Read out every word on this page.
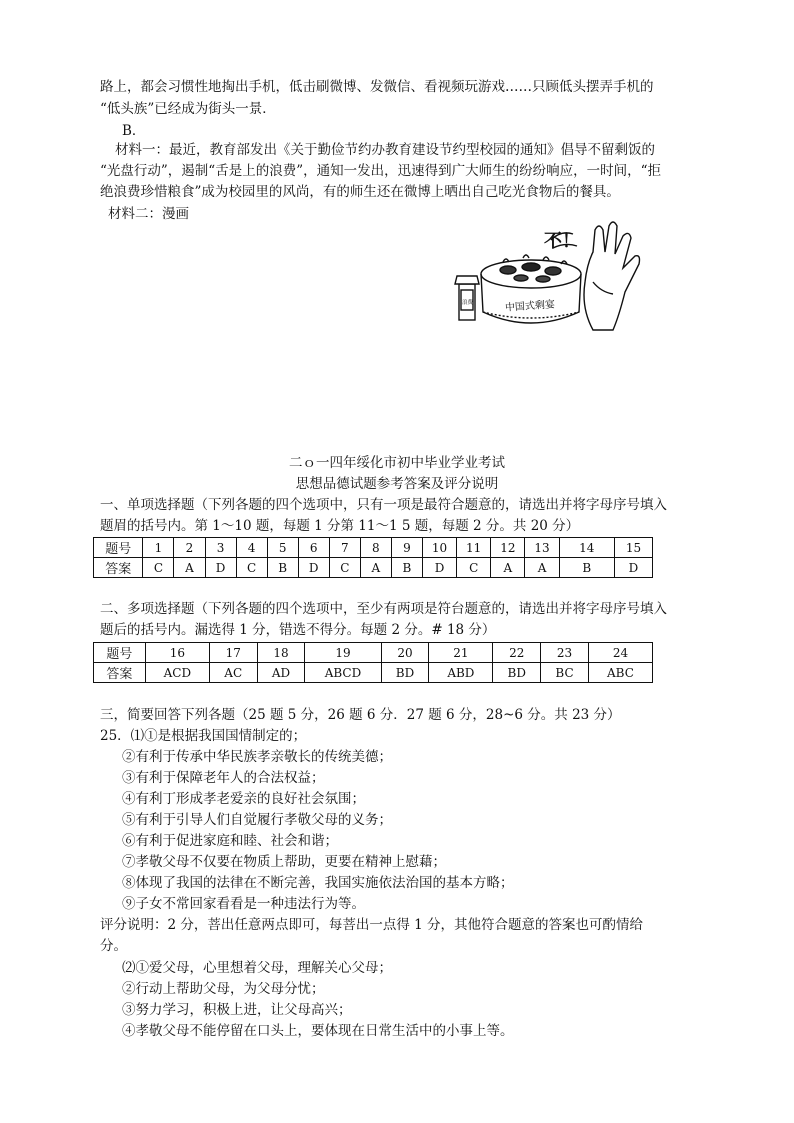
路上，都会习惯性地掏出手机，低击刷微博、发微信、看视频玩游戏……只顾低头摆弄手机的
“低头族”已经成为街头一景．
B．
材料一：最近，教育部发出《关于勤俭节约办教育建设节约型校园的通知》倡导不留剩饭的
“光盘行动”，遏制“舌是上的浪费”，通知一发出，迅速得到广大师生的纷纷响应，一时间，“拒
绝浪费珍惜粮食”成为校园里的风尚，有的师生还在微博上晒出自己吃光食物后的餐具。
材料二：漫画
不！
中国式剩宴
浪费
二ｏ一四年绥化市初中毕业学业考试
思想品德试题参考答案及评分说明
一、单项选择题（下列各题的四个选项中，只有一项是最符合题意的，请选出并将字母序号填入
题眉的括号内。第 1～10 题，每题 1 分第 11～1 5 题，每题 2 分。共 20 分）
题号	1	2	3	4	5	6	7	8	9	10	11	12	13	14	15
答案	C	A	D	C	B	D	C	A	B	D	C	A	A	B	D
二、多项选择题（下列各题的四个选项中，至少有两项是符台题意的，请选出并将字母序号填入
题后的括号内。漏选得 1 分，错选不得分。每题 2 分。# 18 分）
题号	16	17	18	19	20	21	22	23	24
答案	ACD	AC	AD	ABCD	BD	ABD	BD	BC	ABC
三，简要回答下列各题（25 题 5 分，26 题 6 分．27 题 6 分，28~6 分。共 23 分）
25．⑴①是根据我国国情制定的；
②有利于传承中华民族孝亲敬长的传统美德；
③有利于保障老年人的合法权益；
④有利丁形成孝老爱亲的良好社会氛围；
⑤有利于引导人们自觉履行孝敬父母的义务；
⑥有利于促进家庭和睦、社会和谐；
⑦孝敬父母不仅要在物质上帮助，更要在精神上慰藉；
⑧体现了我国的法律在不断完善，我国实施依法治国的基本方略；
⑨子女不常回家看看是一种违法行为等。
评分说明：2 分，菩出任意两点即可，每菩出一点得 1 分，其他符合题意的答案也可酌情给
分。
⑵①爱父母，心里想着父母，理解关心父母；
②行动上帮助父母，为父母分忧；
③努力学习，积极上进，让父母高兴；
④孝敬父母不能停留在口头上，要体现在日常生活中的小事上等。
